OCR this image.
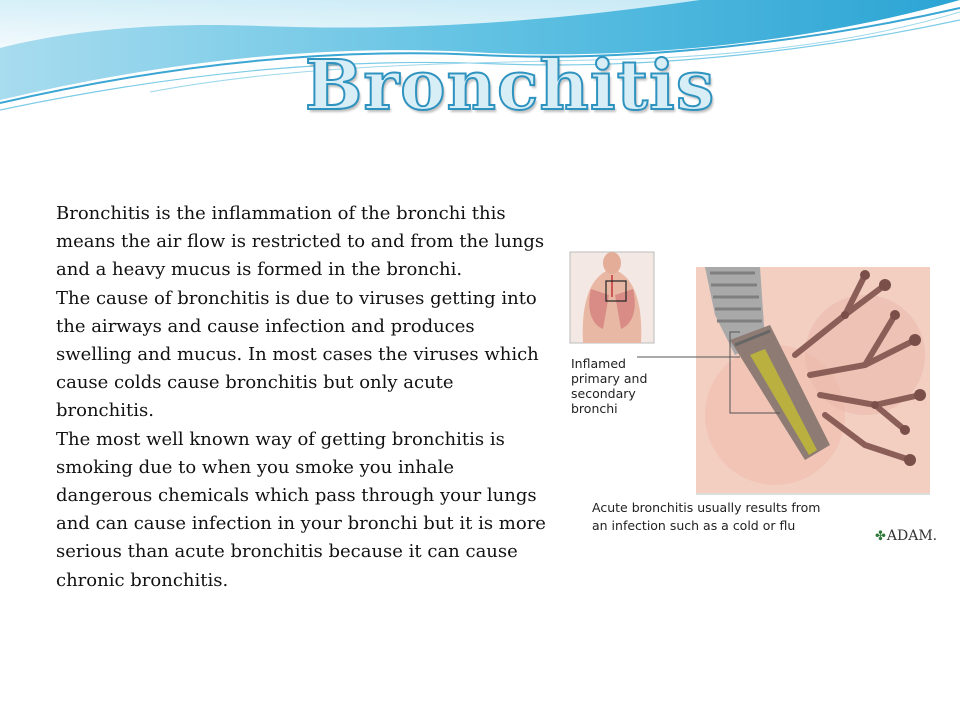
Bronchitis

Bronchitis is the inflammation of the bronchi this means the air flow is restricted to and from the lungs and a heavy mucus is formed in the bronchi.

The cause of bronchitis is due to viruses getting into the airways and cause infection and produces swelling and mucus. In most cases the viruses which cause colds cause bronchitis but only acute bronchitis.

The most well known way of getting bronchitis is smoking due to when you smoke you inhale dangerous chemicals which pass through your lungs and can cause infection in your bronchi but it is more serious than acute bronchitis because it can cause chronic bronchitis.

Inflamed
primary and
secondary
bronchi
Acute bronchitis usually results from
an infection such as a cold or flu
✤ADAM.
